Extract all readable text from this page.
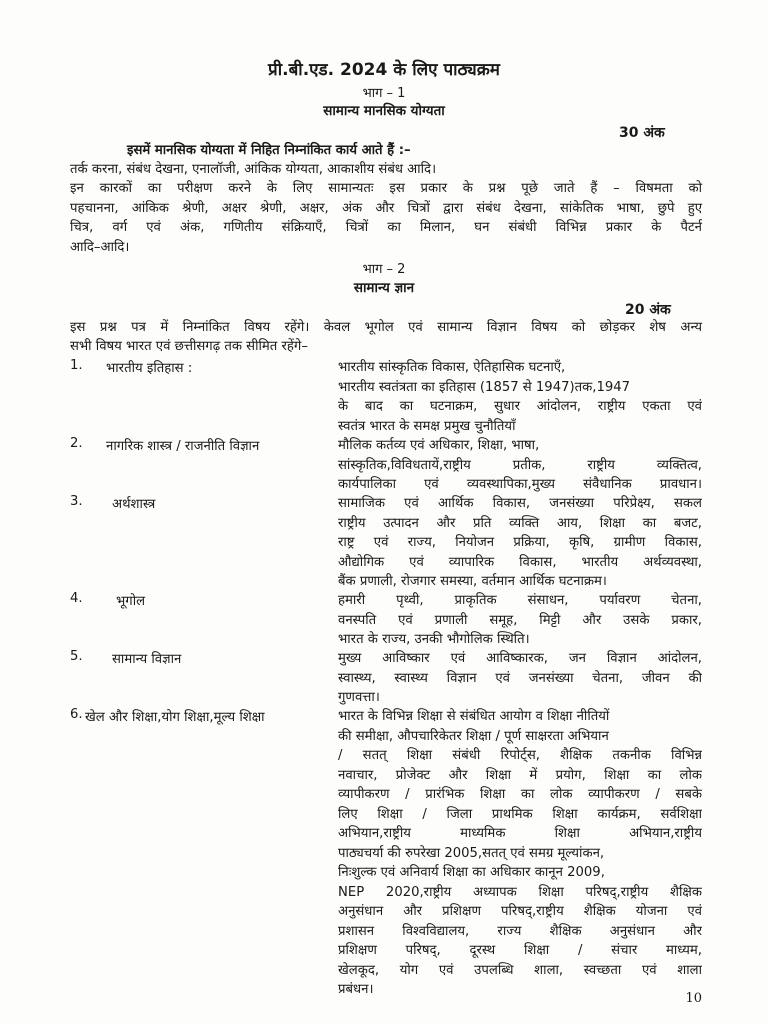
प्री.बी.एड. 2024 के लिए पाठ्यक्रम
भाग – 1
सामान्य मानसिक योग्यता
30 अंक
इसमें मानसिक योग्यता में निहित निम्नांकित कार्य आते हैं :–
तर्क करना, संबंध देखना, एनालॉजी, आंकिक योग्यता, आकाशीय संबंध आदि।
इन कारकों का परीक्षण करने के लिए सामान्यतः इस प्रकार के प्रश्न पूछे जाते हैं – विषमता को
पहचानना, आंकिक श्रेणी, अक्षर श्रेणी, अक्षर, अंक और चित्रों द्वारा संबंध देखना, सांकेतिक भाषा, छुपे हुए
चित्र, वर्ग एवं अंक, गणितीय संक्रियाएँ, चित्रों का मिलान, घन संबंधी विभिन्न प्रकार के पैटर्न
आदि–आदि।
भाग – 2
सामान्य ज्ञान
20 अंक
इस प्रश्न पत्र में निम्नांकित विषय रहेंगे। केवल भूगोल एवं सामान्य विज्ञान विषय को छोड़कर शेष अन्य
सभी विषय भारत एवं छत्तीसगढ़ तक सीमित रहेंगे–
1. भारतीय इतिहास :	भारतीय सांस्कृतिक विकास, ऐतिहासिक घटनाएँ,
भारतीय स्वतंत्रता का इतिहास (1857 से 1947)तक,1947
के बाद का घटनाक्रम, सुधार आंदोलन, राष्ट्रीय एकता एवं
स्वतंत्र भारत के समक्ष प्रमुख चुनौतियाँ
2. नागरिक शास्त्र / राजनीति विज्ञान	मौलिक कर्तव्य एवं अधिकार, शिक्षा, भाषा,
सांस्कृतिक,विविधतायें,राष्ट्रीय प्रतीक, राष्ट्रीय व्यक्तित्व,
कार्यपालिका एवं व्यवस्थापिका,मुख्य संवैधानिक प्रावधान।
3. अर्थशास्त्र	सामाजिक एवं आर्थिक विकास, जनसंख्या परिप्रेक्ष्य, सकल
राष्ट्रीय उत्पादन और प्रति व्यक्ति आय, शिक्षा का बजट,
राष्ट्र एवं राज्य, नियोजन प्रक्रिया, कृषि, ग्रामीण विकास,
औद्योगिक एवं व्यापारिक विकास, भारतीय अर्थव्यवस्था,
बैंक प्रणाली, रोजगार समस्या, वर्तमान आर्थिक घटनाक्रम।
4.	भूगोल	हमारी पृथ्वी, प्राकृतिक संसाधन, पर्यावरण चेतना,
वनस्पति एवं प्रणाली समूह, मिट्टी और उसके प्रकार,
भारत के राज्य, उनकी भौगोलिक स्थिति।
5. सामान्य विज्ञान	मुख्य आविष्कार एवं आविष्कारक, जन विज्ञान आंदोलन,
स्वास्थ्य, स्वास्थ्य विज्ञान एवं जनसंख्या चेतना, जीवन की
गुणवत्ता।
6. खेल और शिक्षा,योग शिक्षा,मूल्य शिक्षा	भारत के विभिन्न शिक्षा से संबंधित आयोग व शिक्षा नीतियों
की समीक्षा, औपचारिकेतर शिक्षा / पूर्ण साक्षरता अभियान
/ सतत् शिक्षा संबंधी रिपोर्ट्स, शैक्षिक तकनीक विभिन्न
नवाचार, प्रोजेक्ट और शिक्षा में प्रयोग, शिक्षा का लोक
व्यापीकरण / प्रारंभिक शिक्षा का लोक व्यापीकरण / सबके
लिए शिक्षा / जिला प्राथमिक शिक्षा कार्यक्रम, सर्वशिक्षा
अभियान,राष्ट्रीय माध्यमिक शिक्षा अभियान,राष्ट्रीय
पाठ्यचर्या की रुपरेखा 2005,सतत् एवं समग्र मूल्यांकन,
निःशुल्क एवं अनिवार्य शिक्षा का अधिकार कानून 2009,
NEP 2020,राष्ट्रीय अध्यापक शिक्षा परिषद्,राष्ट्रीय शैक्षिक
अनुसंधान और प्रशिक्षण परिषद्,राष्ट्रीय शैक्षिक योजना एवं
प्रशासन विश्वविद्यालय, राज्य शैक्षिक अनुसंधान और
प्रशिक्षण परिषद्, दूरस्थ शिक्षा / संचार माध्यम,
खेलकूद, योग एवं उपलब्धि शाला, स्वच्छता एवं शाला
प्रबंधन।
10
